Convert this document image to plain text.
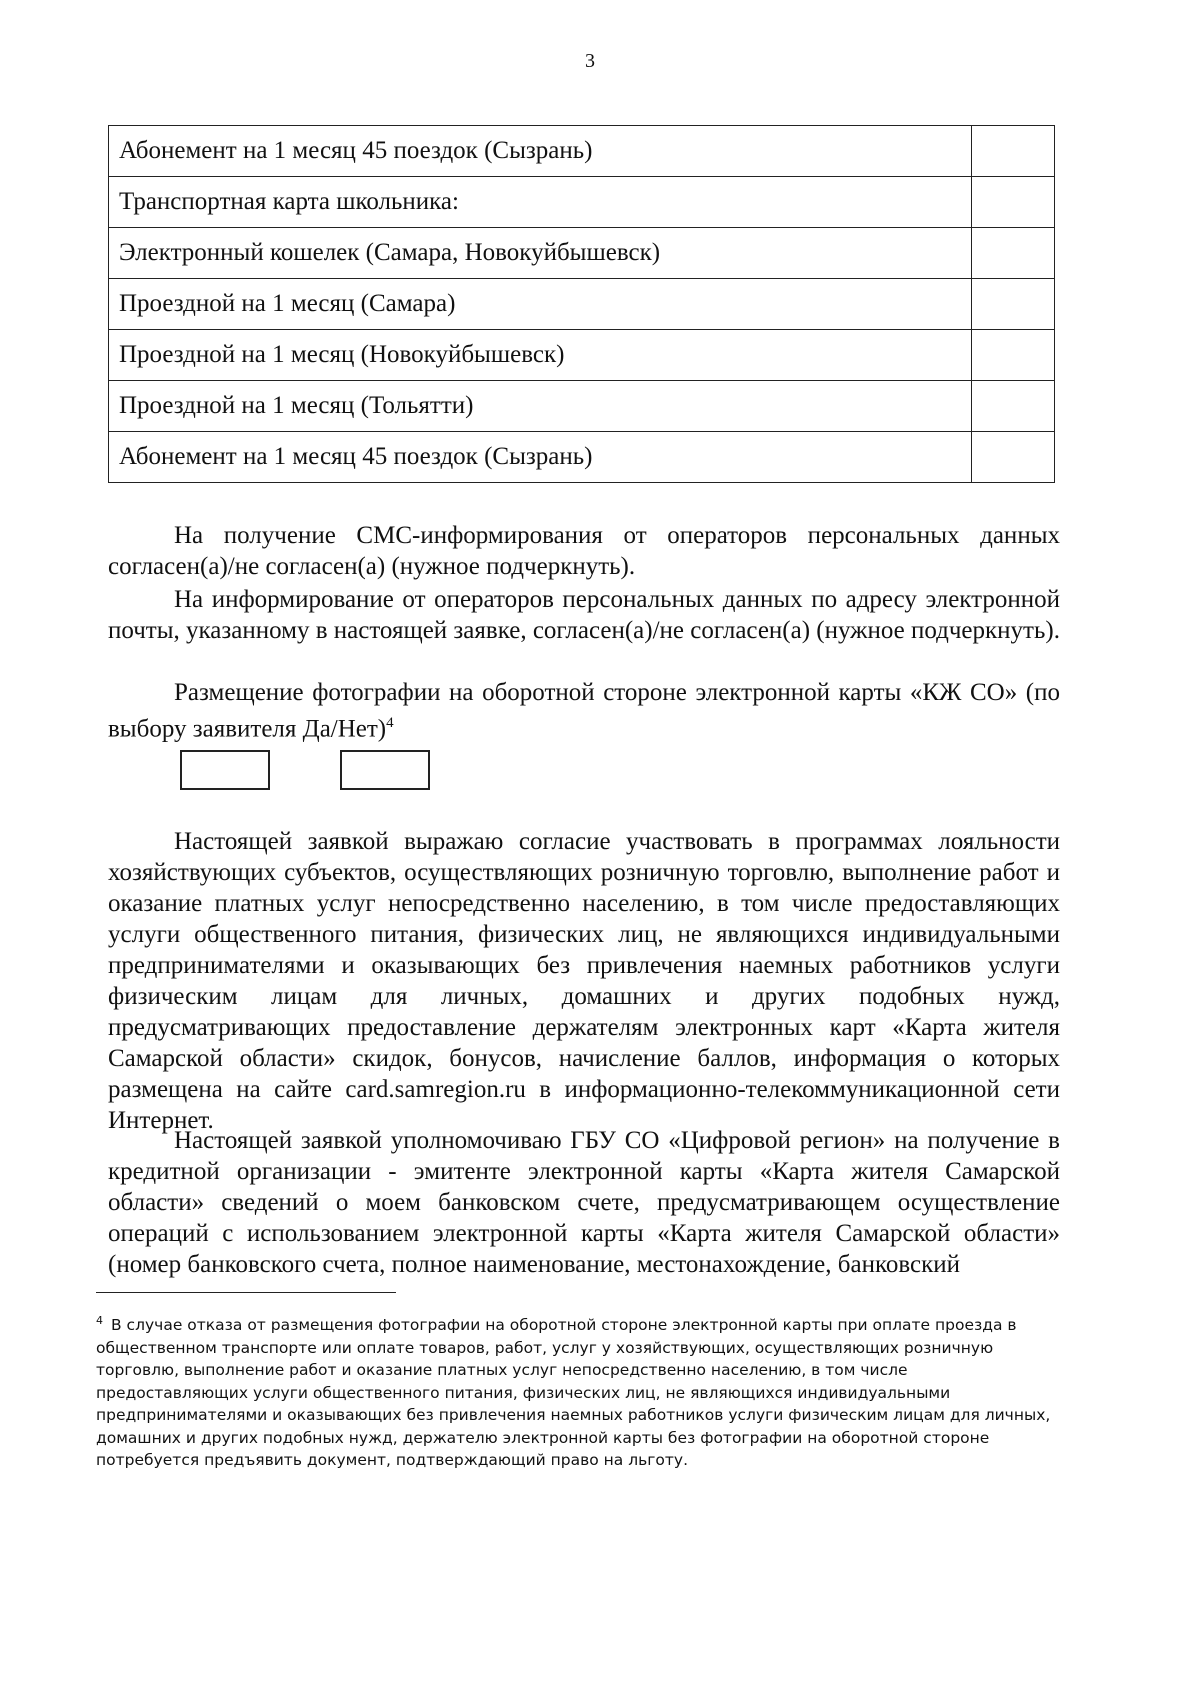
3
Абонемент на 1 месяц 45 поездок (Сызрань)	
Транспортная карта школьника:	
Электронный кошелек (Самара, Новокуйбышевск)	
Проездной на 1 месяц (Самара)	
Проездной на 1 месяц (Новокуйбышевск)	
Проездной на 1 месяц (Тольятти)	
Абонемент на 1 месяц 45 поездок (Сызрань)	

На получение СМС-информирования от операторов персональных данных согласен(а)/не согласен(а) (нужное подчеркнуть).

На информирование от операторов персональных данных по адресу электронной почты, указанному в настоящей заявке, согласен(а)/не согласен(а) (нужное подчеркнуть).

Размещение фотографии на оборотной стороне электронной карты «КЖ СО» (по выбору заявителя Да/Нет)$^4$

Настоящей заявкой выражаю согласие участвовать в программах лояльности хозяйствующих субъектов, осуществляющих розничную торговлю, выполнение работ и оказание платных услуг непосредственно населению, в том числе предоставляющих услуги общественного питания, физических лиц, не являющихся индивидуальными предпринимателями и оказывающих без привлечения наемных работников услуги физическим лицам для личных, домашних и других подобных нужд, предусматривающих предоставление держателям электронных карт «Карта жителя Самарской области» скидок, бонусов, начисление баллов, информация о которых размещена на сайте card.samregion.ru в информационно-телекоммуникационной сети Интернет.

Настоящей заявкой уполномочиваю ГБУ СО «Цифровой регион» на получение в кредитной организации - эмитенте электронной карты «Карта жителя Самарской области» сведений о моем банковском счете, предусматривающем осуществление операций с использованием электронной карты «Карта жителя Самарской области» (номер банковского счета, полное наименование, местонахождение, банковский

$^4$ В случае отказа от размещения фотографии на оборотной стороне электронной карты при оплате проезда в общественном транспорте или оплате товаров, работ, услуг у хозяйствующих, осуществляющих розничную торговлю, выполнение работ и оказание платных услуг непосредственно населению, в том числе предоставляющих услуги общественного питания, физических лиц, не являющихся индивидуальными предпринимателями и оказывающих без привлечения наемных работников услуги физическим лицам для личных, домашних и других подобных нужд, держателю электронной карты без фотографии на оборотной стороне потребуется предъявить документ, подтверждающий право на льготу.
